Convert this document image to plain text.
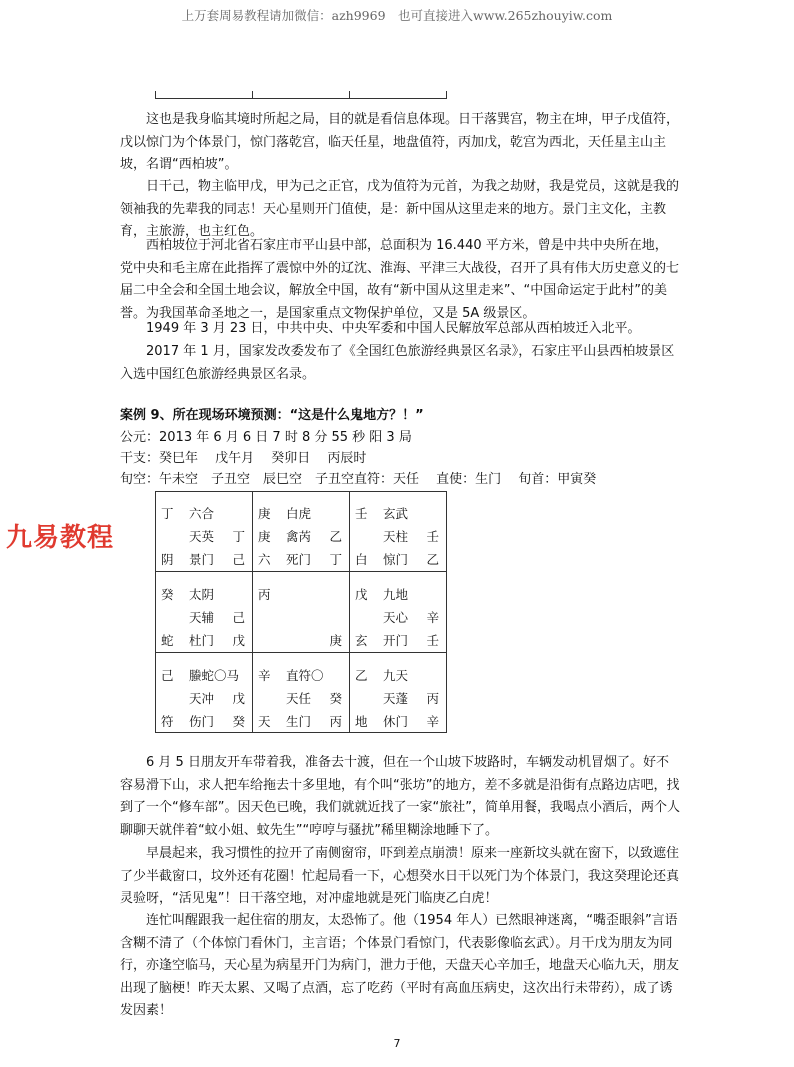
上万套周易教程请加微信：azh9969　也可直接进入www.265zhouyiw.com

这也是我身临其境时所起之局，目的就是看信息体现。日干落巽宫，物主在坤，甲子戊值符，戊以惊门为个体景门，惊门落乾宫，临天任星，地盘值符，丙加戊，乾宫为西北，天任星主山主坡，名谓“西柏坡”。

日干己，物主临甲戊，甲为己之正官，戊为值符为元首，为我之劫财，我是党员，这就是我的领袖我的先辈我的同志！天心星则开门值使，是：新中国从这里走来的地方。景门主文化，主教育，主旅游，也主红色。

西柏坡位于河北省石家庄市平山县中部，总面积为 16.440 平方米，曾是中共中央所在地，党中央和毛主席在此指挥了震惊中外的辽沈、淮海、平津三大战役，召开了具有伟大历史意义的七届二中全会和全国土地会议，解放全中国，故有“新中国从这里走来”、“中国命运定于此村”的美誉。为我国革命圣地之一，是国家重点文物保护单位，又是 5A 级景区。

1949 年 3 月 23 日，中共中央、中央军委和中国人民解放军总部从西柏坡迁入北平。

2017 年 1 月，国家发改委发布了《全国红色旅游经典景区名录》，石家庄平山县西柏坡景区入选中国红色旅游经典景区名录。

案例 9、所在现场环境预测：“这是什么鬼地方？！”
公元：2013 年 6 月 6 日 7 时 8 分 55 秒 阳 3 局
干支：癸巳年　 戊午月　 癸卯日　 丙辰时
旬空：午未空　子丑空　辰巳空　子丑空直符：天任　 直使：生门　 旬首：甲寅癸
九易教程
丁 六合
天英 丁
阴 景门 己
庚 白虎
庚 禽芮 乙
六 死门 丁
壬 玄武
天柱 壬
白 惊门 乙
癸 太阴
天辅 己
蛇 杜门 戊
丙
庚
戊 九地
天心 辛
玄 开门 壬
己 螣蛇〇马
天冲 戊
符 伤门 癸
辛 直符〇
天任 癸
天 生门 丙
乙 九天
天蓬 丙
地 休门 辛

6 月 5 日朋友开车带着我，准备去十渡，但在一个山坡下坡路时，车辆发动机冒烟了。好不容易滑下山，求人把车给拖去十多里地，有个叫“张坊”的地方，差不多就是沿街有点路边店吧，找到了一个“修车部”。因天色已晚，我们就就近找了一家“旅社”，简单用餐，我喝点小酒后，两个人聊聊天就伴着“蚊小姐、蚊先生”“哼哼与骚扰”稀里糊涂地睡下了。

早晨起来，我习惯性的拉开了南侧窗帘，吓到差点崩溃！原来一座新坟头就在窗下，以致遮住了少半截窗口，坟外还有花圈！忙起局看一下，心想癸水日干以死门为个体景门，我这癸理论还真灵验呀，“活见鬼”！日干落空地，对冲虚地就是死门临庚乙白虎！

连忙叫醒跟我一起住宿的朋友，太恐怖了。他（1954 年人）已然眼神迷离，“嘴歪眼斜”言语含糊不清了（个体惊门看休门，主言语；个体景门看惊门，代表影像临玄武）。月干戊为朋友为同行，亦逢空临马，天心星为病星开门为病门，泄力于他，天盘天心辛加壬，地盘天心临九天，朋友出现了脑梗！昨天太累、又喝了点酒，忘了吃药（平时有高血压病史，这次出行未带药），成了诱发因素！

7
